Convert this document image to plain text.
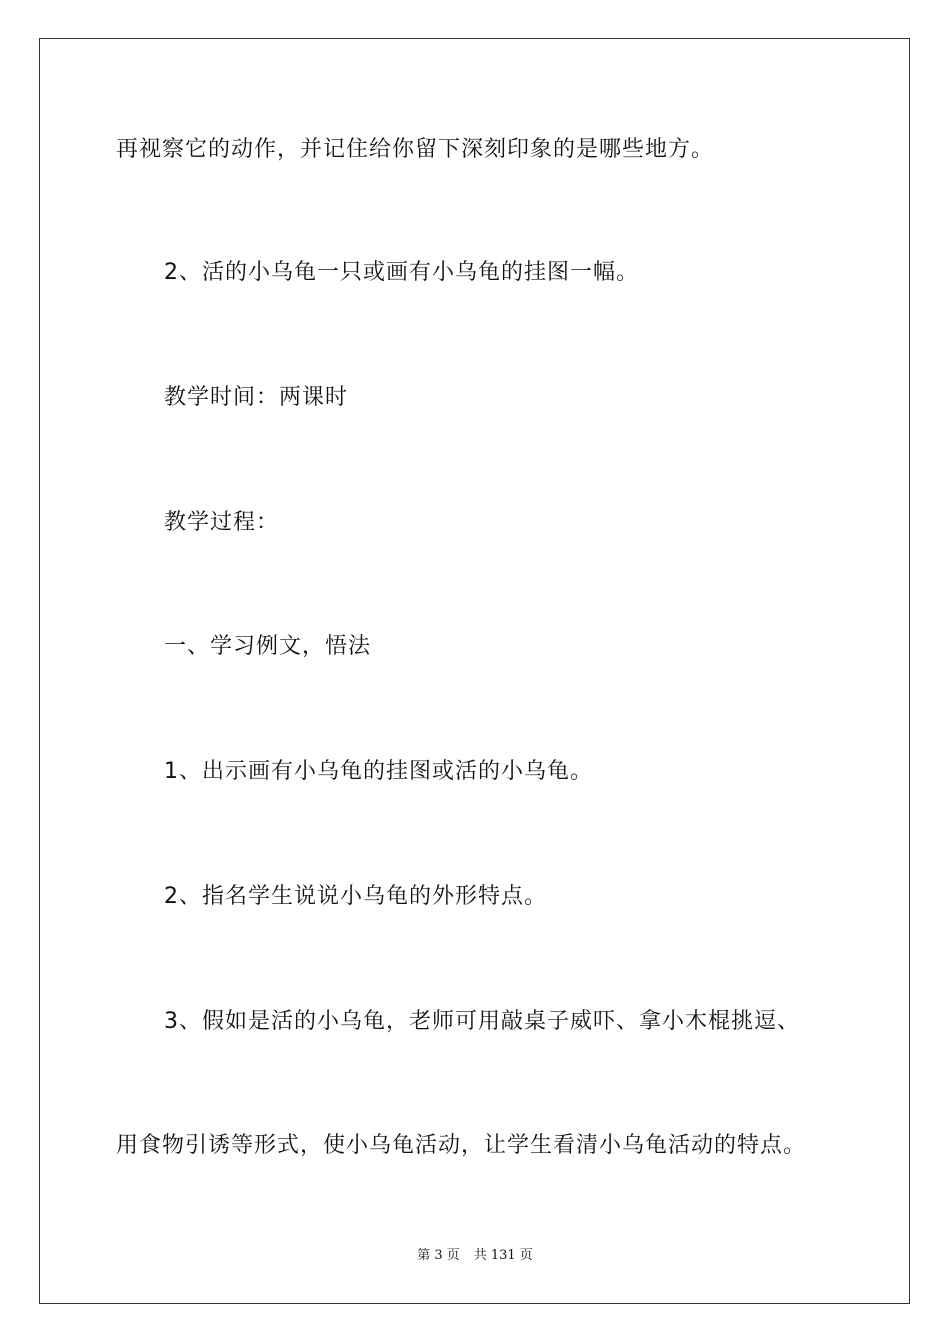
再视察它的动作，并记住给你留下深刻印象的是哪些地方。
2、活的小乌龟一只或画有小乌龟的挂图一幅。
教学时间：两课时
教学过程：
一、学习例文，悟法
1、出示画有小乌龟的挂图或活的小乌龟。
2、指名学生说说小乌龟的外形特点。
3、假如是活的小乌龟，老师可用敲桌子威吓、拿小木棍挑逗、
用食物引诱等形式，使小乌龟活动，让学生看清小乌龟活动的特点。
第 3 页 共 131 页
